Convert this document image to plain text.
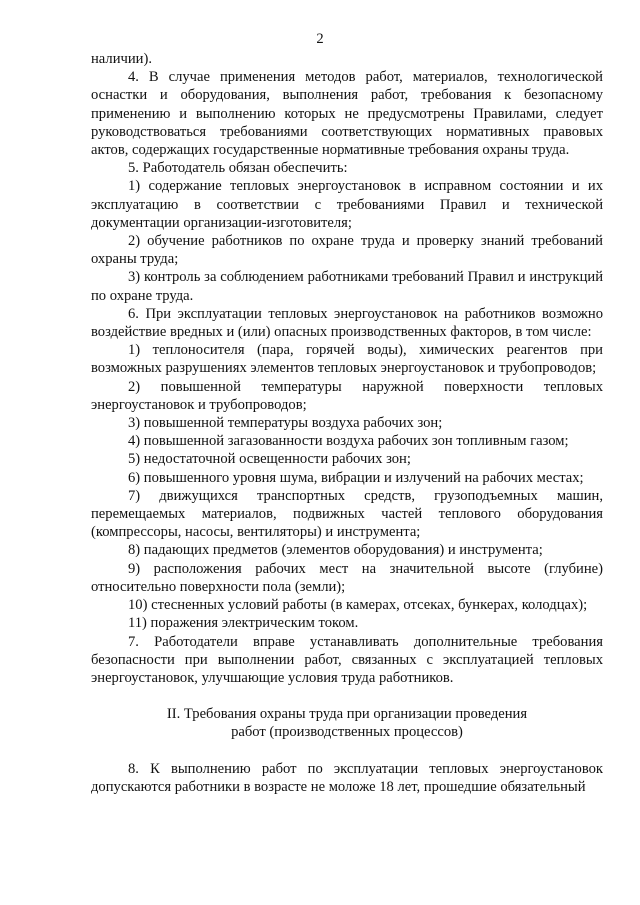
2

наличии).

4. В случае применения методов работ, материалов, технологической оснастки и оборудования, выполнения работ, требования к безопасному применению и выполнению которых не предусмотрены Правилами, следует руководствоваться требованиями соответствующих нормативных правовых актов, содержащих государственные нормативные требования охраны труда.

5. Работодатель обязан обеспечить:

1) содержание тепловых энергоустановок в исправном состоянии и их эксплуатацию в соответствии с требованиями Правил и технической документации организации-изготовителя;

2) обучение работников по охране труда и проверку знаний требований охраны труда;

3) контроль за соблюдением работниками требований Правил и инструкций по охране труда.

6. При эксплуатации тепловых энергоустановок на работников возможно воздействие вредных и (или) опасных производственных факторов, в том числе:

1) теплоносителя (пара, горячей воды), химических реагентов при возможных разрушениях элементов тепловых энергоустановок и трубопроводов;

2) повышенной температуры наружной поверхности тепловых энергоустановок и трубопроводов;

3) повышенной температуры воздуха рабочих зон;

4) повышенной загазованности воздуха рабочих зон топливным газом;

5) недостаточной освещенности рабочих зон;

6) повышенного уровня шума, вибрации и излучений на рабочих местах;

7) движущихся транспортных средств, грузоподъемных машин, перемещаемых материалов, подвижных частей теплового оборудования (компрессоры, насосы, вентиляторы) и инструмента;

8) падающих предметов (элементов оборудования) и инструмента;

9) расположения рабочих мест на значительной высоте (глубине) относительно поверхности пола (земли);

10) стесненных условий работы (в камерах, отсеках, бункерах, колодцах);

11) поражения электрическим током.

7. Работодатели вправе устанавливать дополнительные требования безопасности при выполнении работ, связанных с эксплуатацией тепловых энергоустановок, улучшающие условия труда работников.

II. Требования охраны труда при организации проведения

работ (производственных процессов)

8. К выполнению работ по эксплуатации тепловых энергоустановок допускаются работники в возрасте не моложе 18 лет, прошедшие обязательный
